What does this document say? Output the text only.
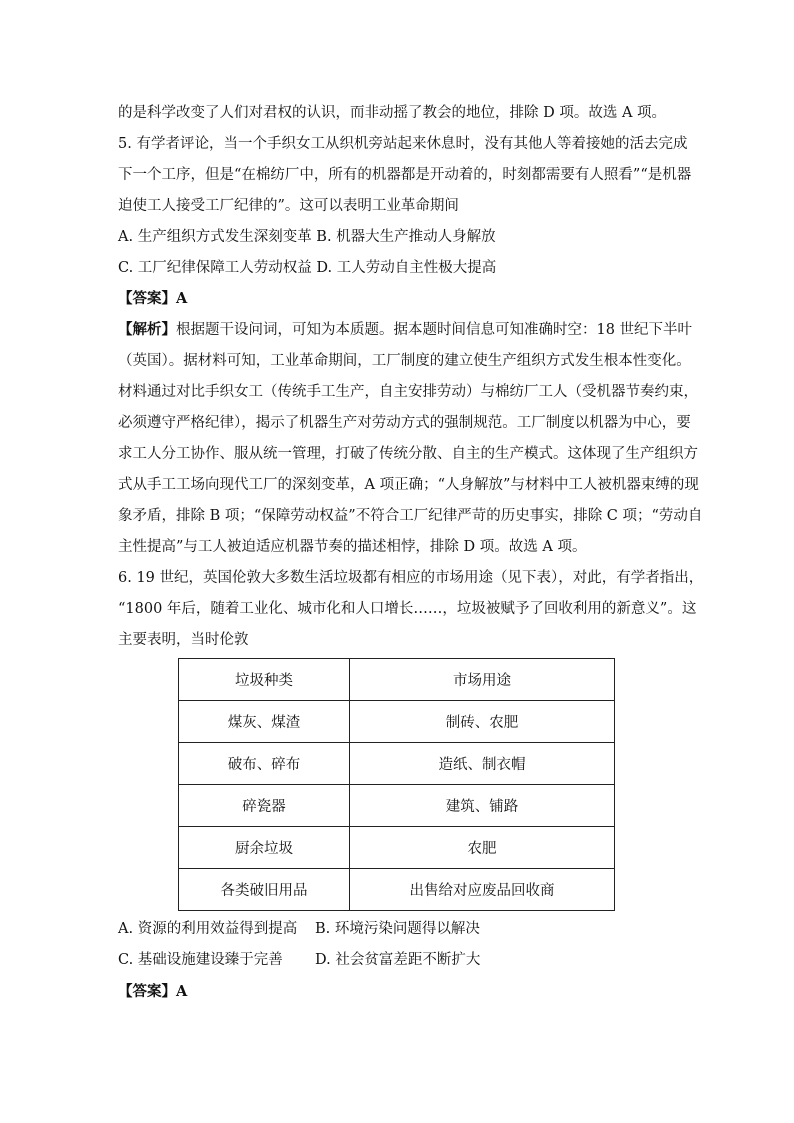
的是科学改变了人们对君权的认识，而非动摇了教会的地位，排除 D 项。故选 A 项。
5. 有学者评论，当一个手织女工从织机旁站起来休息时，没有其他人等着接她的活去完成
下一个工序，但是“在棉纺厂中，所有的机器都是开动着的，时刻都需要有人照看”“是机器
迫使工人接受工厂纪律的”。这可以表明工业革命期间
A. 生产组织方式发生深刻变革 B. 机器大生产推动人身解放
C. 工厂纪律保障工人劳动权益 D. 工人劳动自主性极大提高
【答案】A
【解析】根据题干设问词，可知为本质题。据本题时间信息可知准确时空：18 世纪下半叶
（英国）。据材料可知，工业革命期间，工厂制度的建立使生产组织方式发生根本性变化。
材料通过对比手织女工（传统手工生产，自主安排劳动）与棉纺厂工人（受机器节奏约束，
必须遵守严格纪律），揭示了机器生产对劳动方式的强制规范。工厂制度以机器为中心，要
求工人分工协作、服从统一管理，打破了传统分散、自主的生产模式。这体现了生产组织方
式从手工工场向现代工厂的深刻变革，A 项正确；“人身解放”与材料中工人被机器束缚的现
象矛盾，排除 B 项；“保障劳动权益”不符合工厂纪律严苛的历史事实，排除 C 项；“劳动自
主性提高”与工人被迫适应机器节奏的描述相悖，排除 D 项。故选 A 项。
6. 19 世纪，英国伦敦大多数生活垃圾都有相应的市场用途（见下表），对此，有学者指出，
“1800 年后，随着工业化、城市化和人口增长……，垃圾被赋予了回收利用的新意义”。这
主要表明，当时伦敦
垃圾种类	市场用途
煤灰、煤渣	制砖、农肥
破布、碎布	造纸、制衣帽
碎瓷器	建筑、铺路
厨余垃圾	农肥
各类破旧用品	出售给对应废品回收商
A. 资源的利用效益得到提高 B. 环境污染问题得以解决
C. 基础设施建设臻于完善 D. 社会贫富差距不断扩大
【答案】A
